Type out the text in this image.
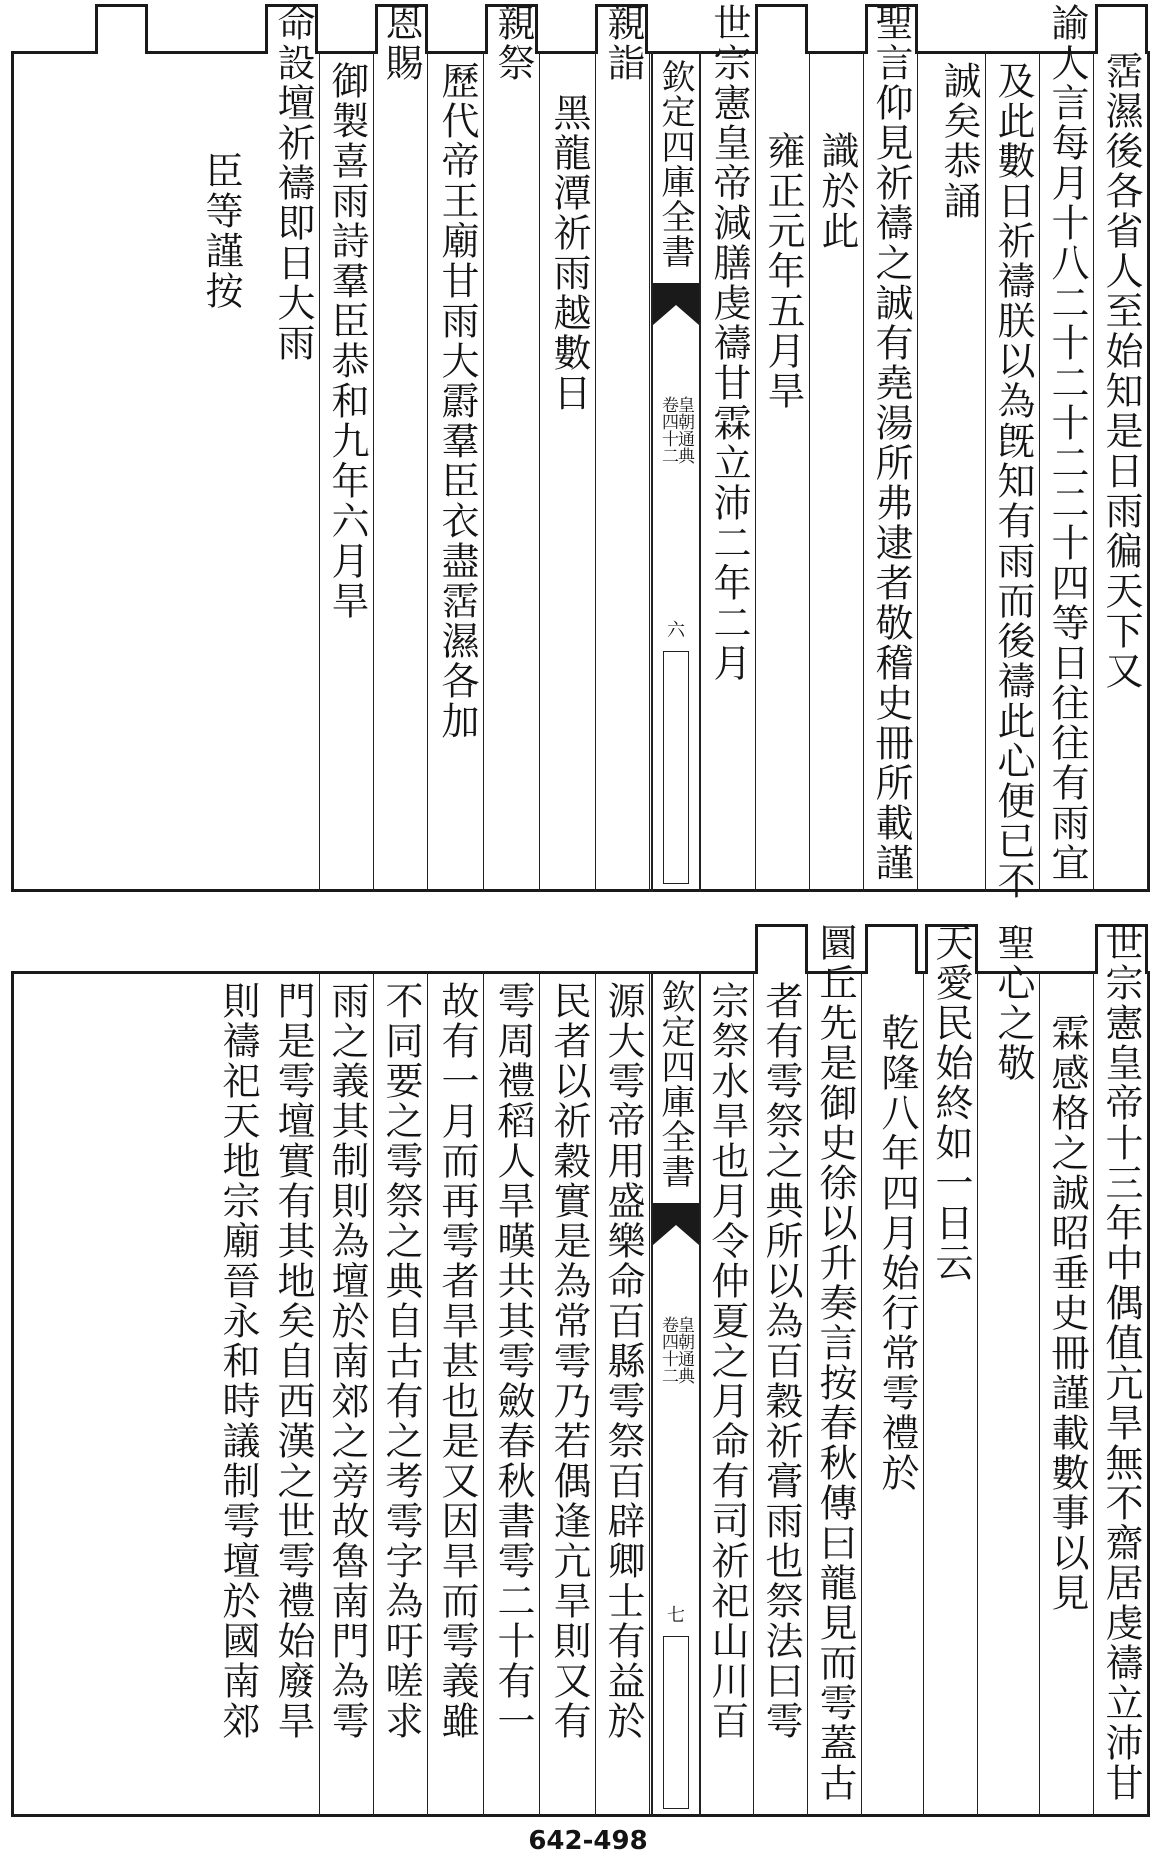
霑濕後各省人至始知是日雨徧天下又
諭人言每月十八二十二十二二十四等日往往有雨宜
及此數日祈禱朕以為旣知有雨而後禱此心便已不
誠矣恭誦
聖言仰見祈禱之誠有堯湯所弗逮者敬稽史冊所載謹
識於此
雍正元年五月旱
世宗憲皇帝減膳虔禱甘霖立沛二年二月
欽定四庫全書
皇朝通典
卷四十二
六
親詣
黑龍潭祈雨越數日
親祭
歷代帝王廟甘雨大霨羣臣衣盡霑濕各加
恩賜
御製喜雨詩羣臣恭和九年六月旱
命設壇祈禱即日大雨
臣等謹按
世宗憲皇帝十三年中偶值亢旱無不齋居虔禱立沛甘
霖感格之誠昭垂史冊謹載數事以見
聖心之敬
天愛民始終如一日云
乾隆八年四月始行常雩禮於
圜丘先是御史徐以升奏言按春秋傳曰龍見而雩蓋古
者有雩祭之典所以為百穀祈膏雨也祭法曰雩
宗祭水旱也月令仲夏之月命有司祈祀山川百
欽定四庫全書
皇朝通典
卷四十二
七
源大雩帝用盛樂命百縣雩祭百辟卿士有益於
民者以祈穀實是為常雩乃若偶逢亢旱則又有
雩周禮稻人旱暵共其雩斂春秋書雩二十有一
故有一月而再雩者旱甚也是又因旱而雩義雖
不同要之雩祭之典自古有之考雩字為吁嗟求
雨之義其制則為壇於南郊之旁故魯南門為雩
門是雩壇實有其地矣自西漢之世雩禮始廢旱
則禱祀天地宗廟晉永和時議制雩壇於國南郊
642-498
